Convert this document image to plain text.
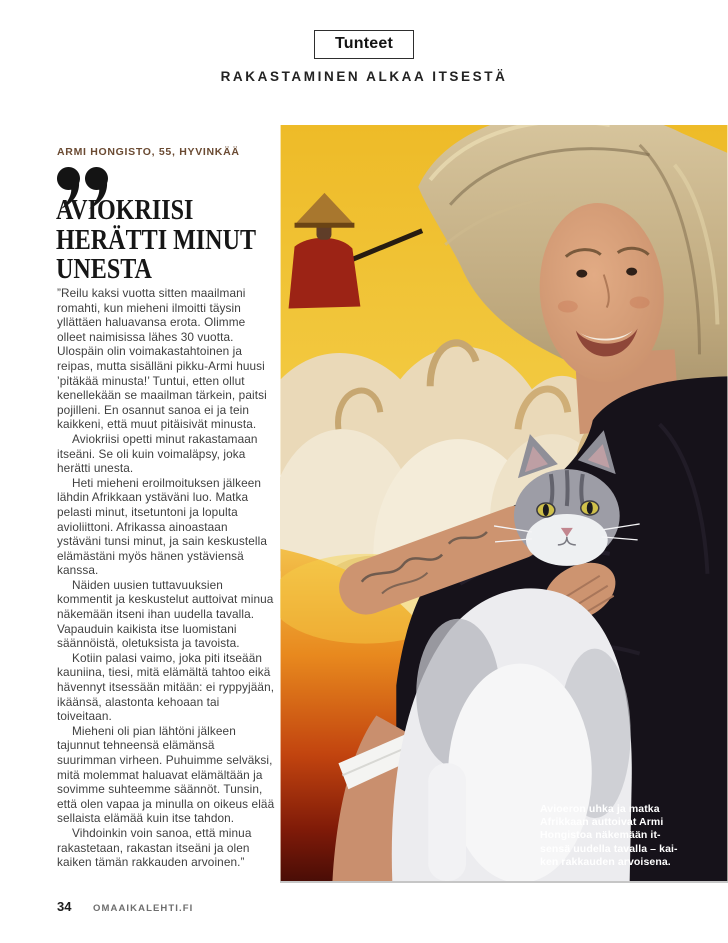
Tunteet
RAKASTAMINEN ALKAA ITSESTÄ
ARMI HONGISTO, 55, HYVINKÄÄ
AVIOKRIISI
HERÄTTI MINUT
UNESTA

”Reilu kaksi vuotta sitten maailmani romahti, kun mieheni ilmoitti täysin yllättäen haluavansa erota. Olimme olleet naimisissa lähes 30 vuotta. Ulospäin olin voimakastahtoinen ja reipas, mutta sisälläni pikku-Armi huusi ’pitäkää minusta!’ Tuntui, etten ollut kenellekään se maailman tärkein, paitsi pojilleni. En osannut sanoa ei ja tein kaikkeni, että muut pitäisivät minusta.

Aviokriisi opetti minut rakastamaan itseäni. Se oli kuin voimaläpsy, joka herätti unesta.

Heti mieheni eroilmoituksen jälkeen lähdin Afrikkaan ystäväni luo. Matka pelasti minut, itsetuntoni ja lopulta avioliittoni. Afrikassa ainoastaan ystäväni tunsi minut, ja sain keskustella elämästäni myös hänen ystäviensä kanssa.

Näiden uusien tuttavuuksien kommentit ja keskustelut auttoivat minua näkemään itseni ihan uudella tavalla. Vapauduin kaikista itse luomistani säännöistä, oletuksista ja tavoista.

Kotiin palasi vaimo, joka piti itseään kauniina, tiesi, mitä elämältä tahtoo eikä hävennyt itsessään mitään: ei ryppyjään, ikäänsä, alastonta kehoaan tai toiveitaan.

Mieheni oli pian lähtöni jälkeen tajunnut tehneensä elämänsä suurimman virheen. Puhuimme selväksi, mitä molemmat haluavat elämältään ja sovimme suhteemme säännöt. Tunsin, että olen vapaa ja minulla on oikeus elää sellaista elämää kuin itse tahdon.

Vihdoinkin voin sanoa, että minua rakastetaan, rakastan itseäni ja olen kaiken tämän rakkauden arvoinen.”

Avioeron uhka ja matka
Afrikkaan auttoivat Armi
Hongistoa näkemään it-
sensä uudella tavalla – kai-
ken rakkauden arvoisena.
34 OMAAIKALEHTI.FI
